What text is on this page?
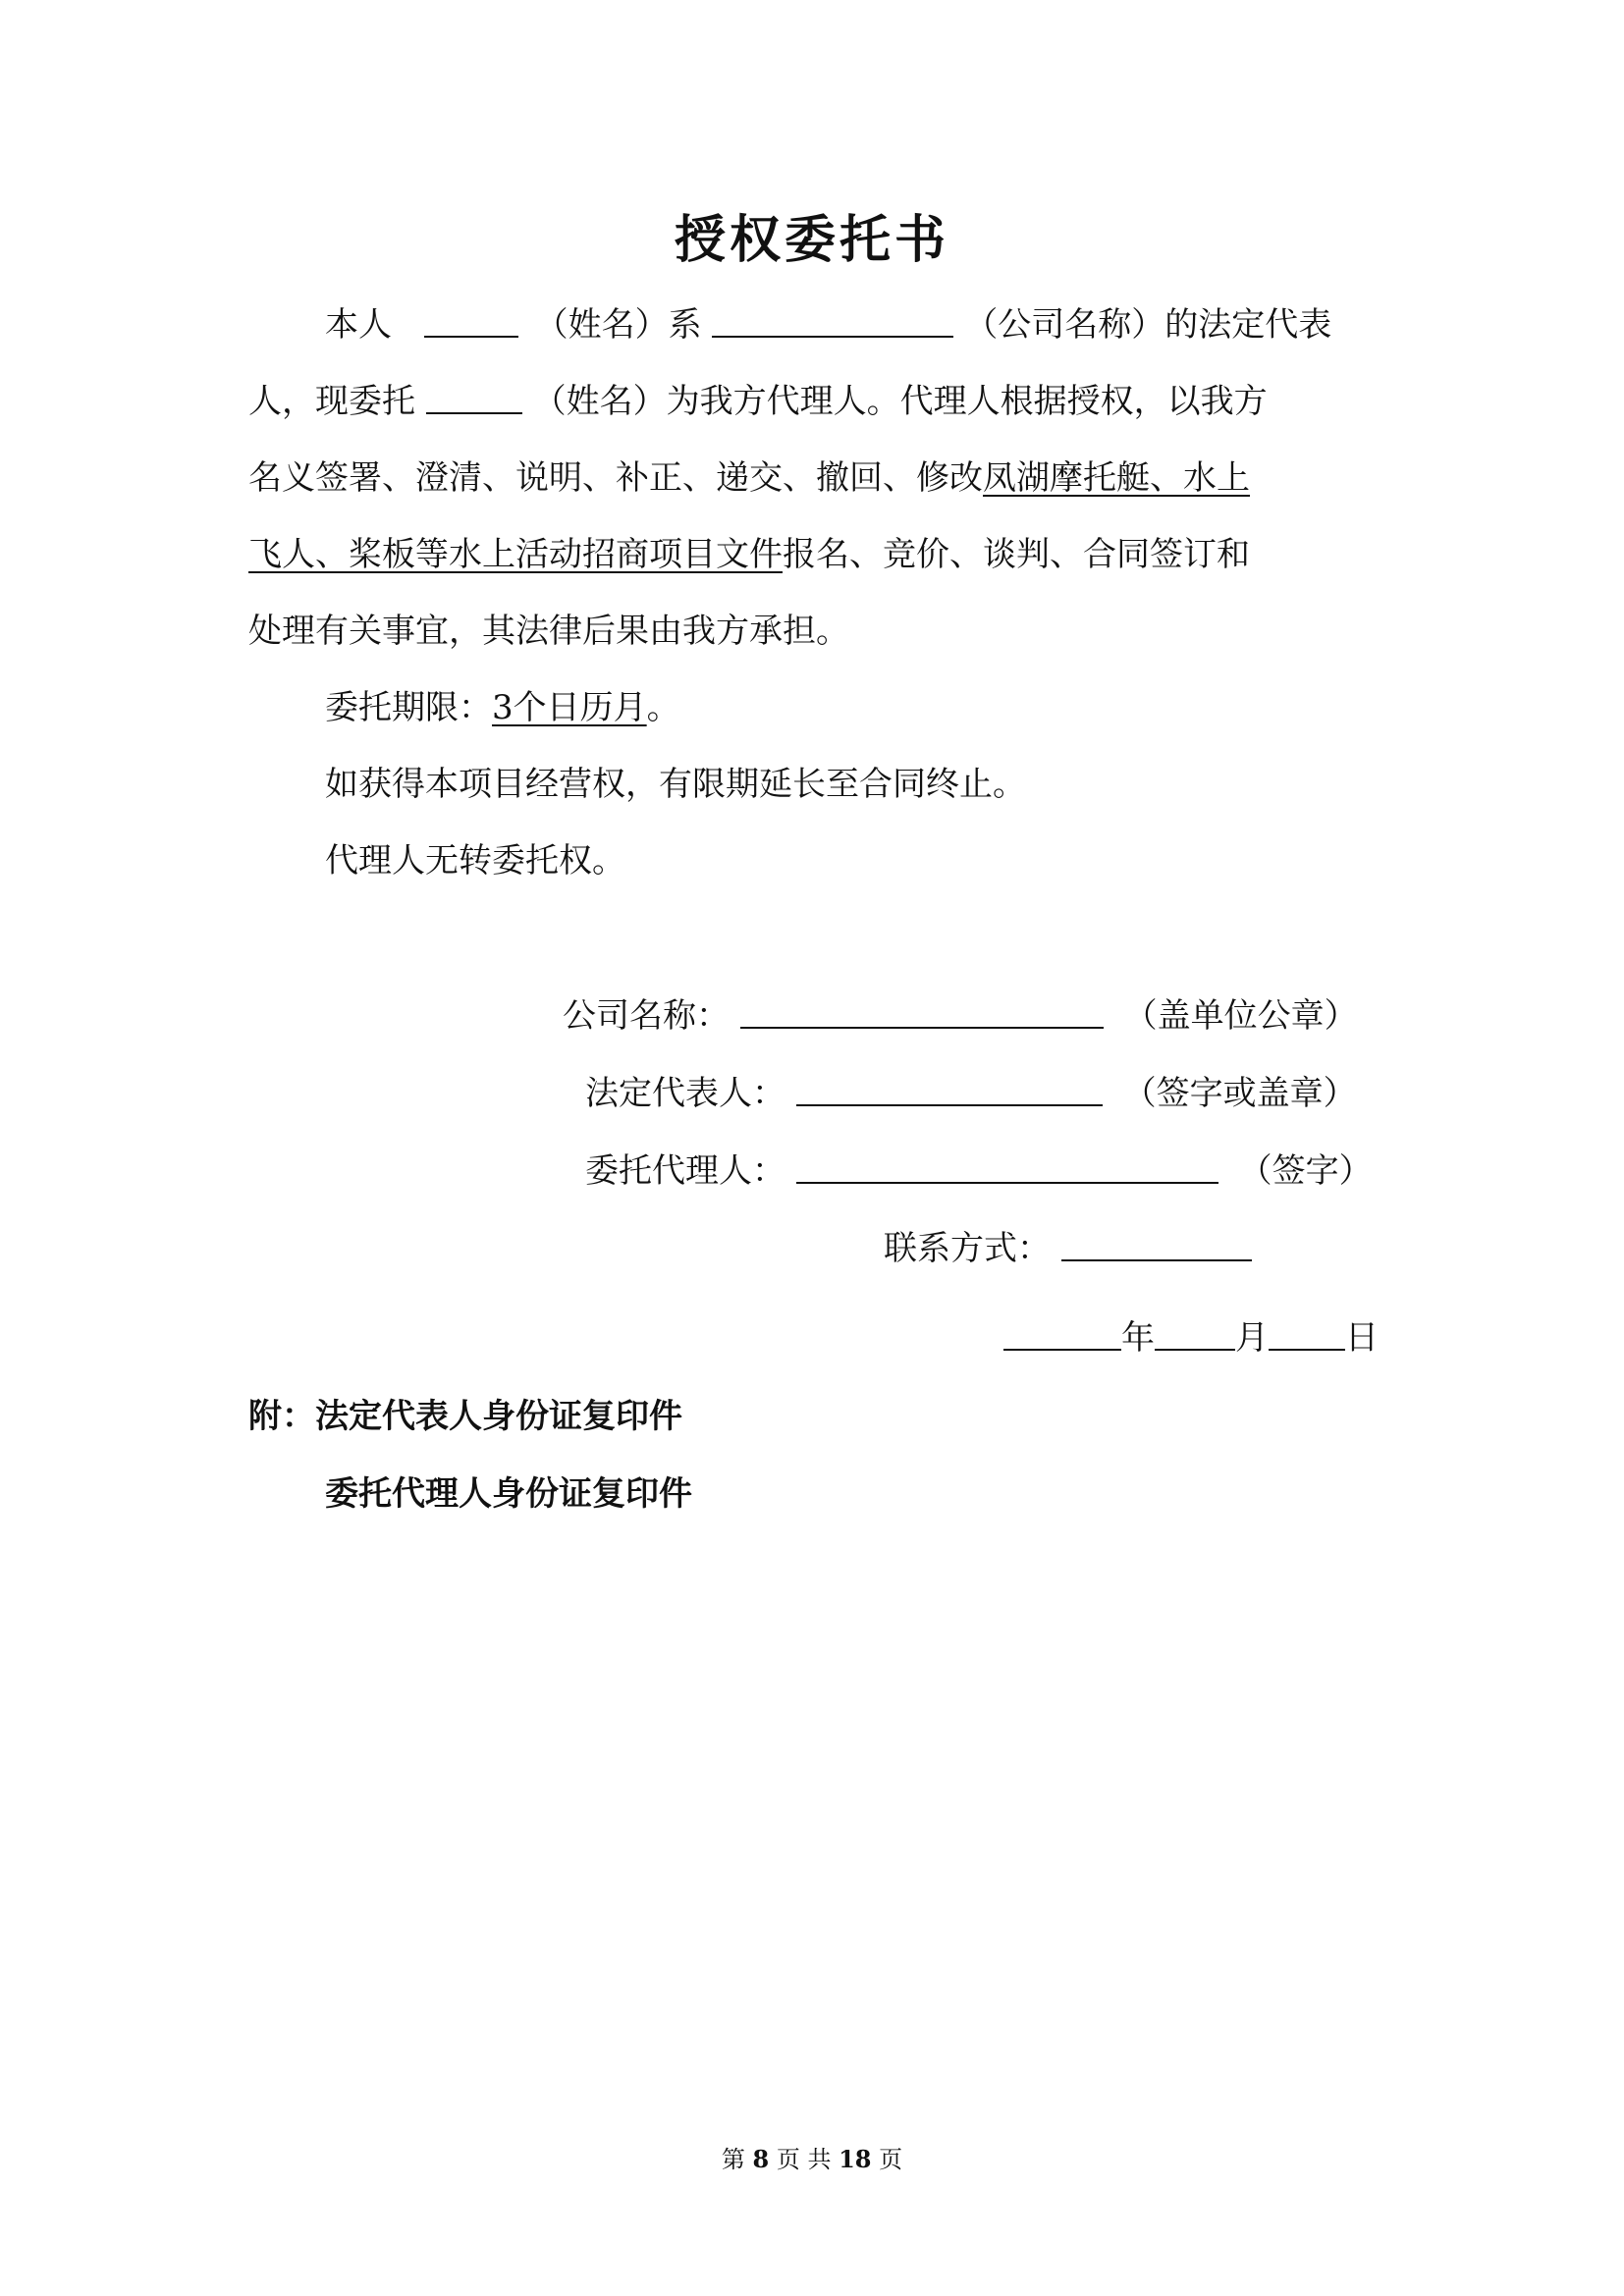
授权委托书
本人	（姓名）系	（公司名称）的法定代表
人，现委托	（姓名）为我方代理人。代理人根据授权，以我方
名义签署、澄清、说明、补正、递交、撤回、修改凤湖摩托艇、水上
飞人、桨板等水上活动招商项目文件报名、竞价、谈判、合同签订和
处理有关事宜，其法律后果由我方承担。
委托期限：3个日历月。
如获得本项目经营权，有限期延长至合同终止。
代理人无转委托权。
公司名称：	（盖单位公章）
法定代表人：	（签字或盖章）
委托代理人：	（签字）
联系方式：
年 月 日
附：法定代表人身份证复印件
委托代理人身份证复印件
第 8 页 共 18 页
